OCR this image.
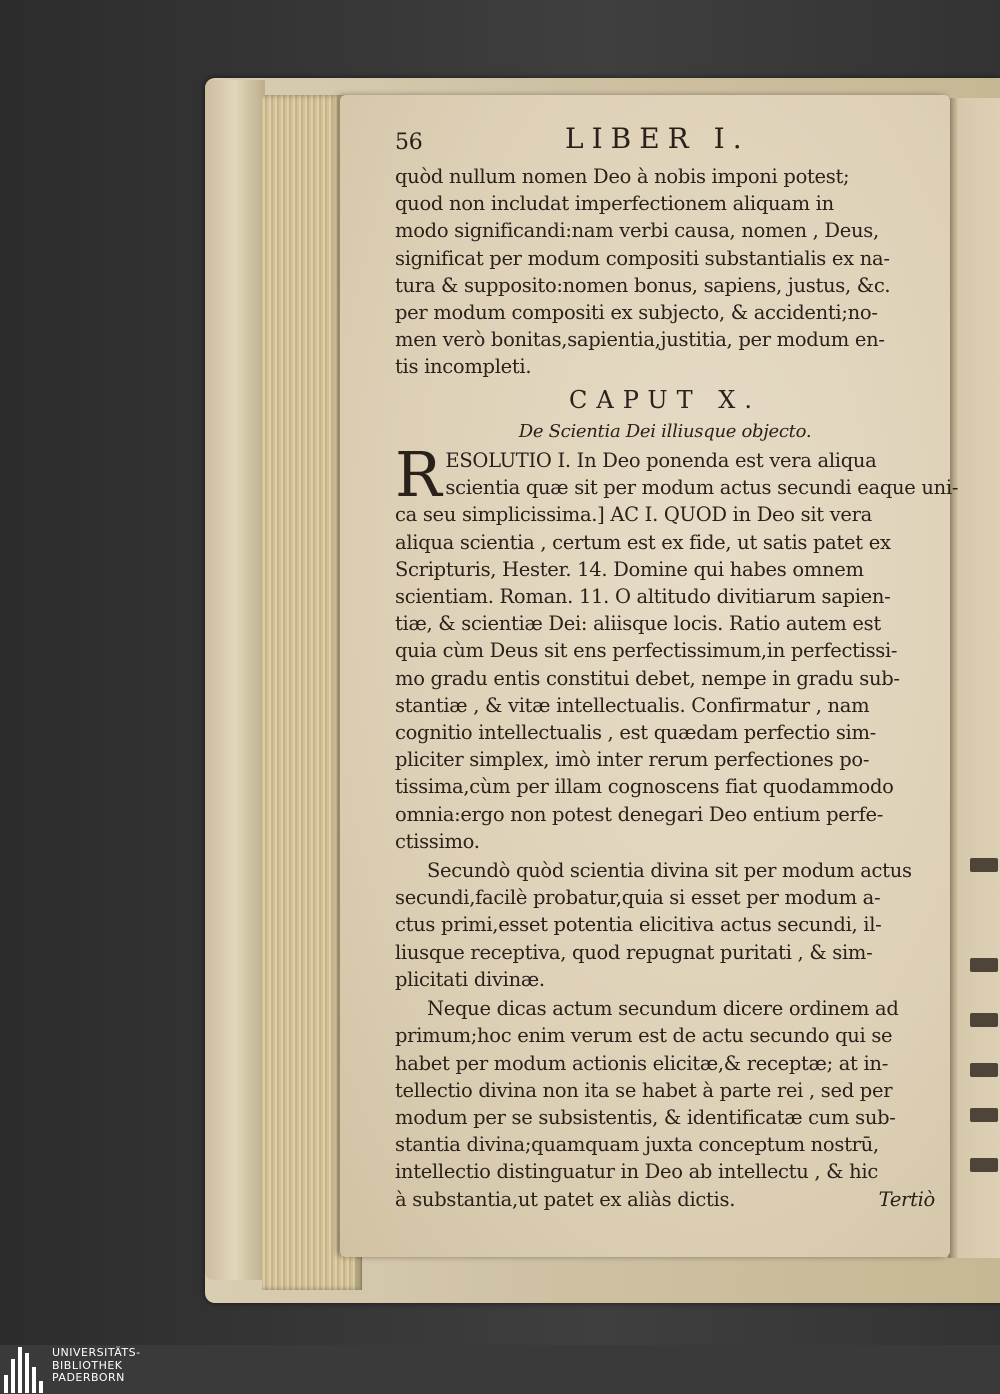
56	LIBER I.
quòd nullum nomen Deo à nobis imponi potest;
quod non includat imperfectionem aliquam in
modo significandi:nam verbi causa, nomen , Deus,
significat per modum compositi substantialis ex na-
tura & supposito:nomen bonus, sapiens, justus, &c.
per modum compositi ex subjecto, & accidenti;no-
men verò bonitas,sapientia,justitia, per modum en-
tis incompleti.
CAPUT X.
De Scientia Dei illiusque objecto.
R ESOLUTIO I. In Deo ponenda est vera aliqua
scientia quæ sit per modum actus secundi eaque uni-
ca seu simplicissima.] AC I. QUOD in Deo sit vera
aliqua scientia , certum est ex fide, ut satis patet ex
Scripturis, Hester. 14. Domine qui habes omnem
scientiam. Roman. 11. O altitudo divitiarum sapien-
tiæ, & scientiæ Dei: aliisque locis. Ratio autem est
quia cùm Deus sit ens perfectissimum,in perfectissi-
mo gradu entis constitui debet, nempe in gradu sub-
stantiæ , & vitæ intellectualis. Confirmatur , nam
cognitio intellectualis , est quædam perfectio sim-
pliciter simplex, imò inter rerum perfectiones po-
tissima,cùm per illam cognoscens fiat quodammodo
omnia:ergo non potest denegari Deo entium perfe-
ctissimo.
Secundò quòd scientia divina sit per modum actus
secundi,facilè probatur,quia si esset per modum a-
ctus primi,esset potentia elicitiva actus secundi, il-
liusque receptiva, quod repugnat puritati , & sim-
plicitati divinæ.
Neque dicas actum secundum dicere ordinem ad
primum;hoc enim verum est de actu secundo qui se
habet per modum actionis elicitæ,& receptæ; at in-
tellectio divina non ita se habet à parte rei , sed per
modum per se subsistentis, & identificatæ cum sub-
stantia divina;quamquam juxta conceptum nostrū,
intellectio distinguatur in Deo ab intellectu , & hic
à substantia,ut patet ex aliàs dictis.	Tertiò
UNIVERSITÄTS-
BIBLIOTHEK
PADERBORN
